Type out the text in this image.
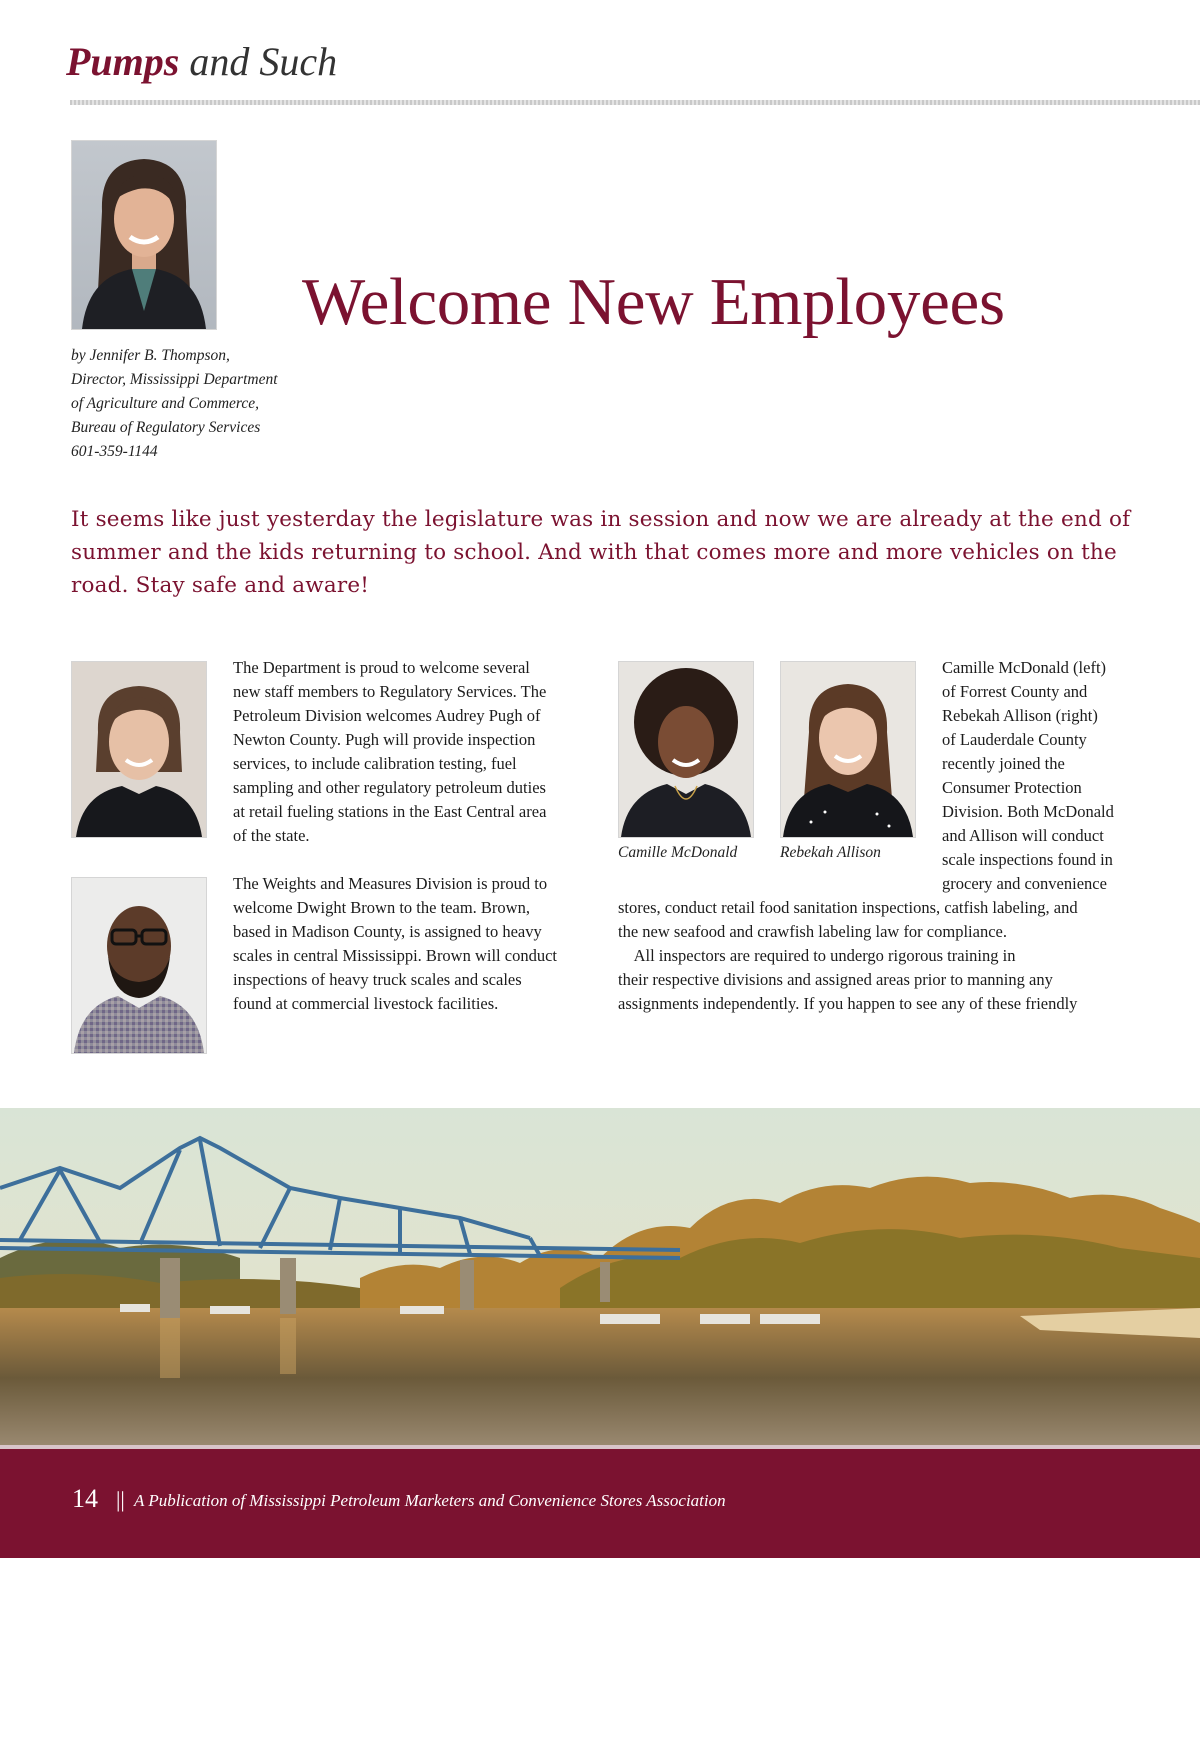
Pumps and Such
by Jennifer B. Thompson,
Director, Mississippi Department
of Agriculture and Commerce,
Bureau of Regulatory Services
601-359-1144
Welcome New Employees
It seems like just yesterday the legislature was in session and now we are already at the end of summer and the kids returning to school. And with that comes more and more vehicles on the road. Stay safe and aware!
The Department is proud to welcome several
new staff members to Regulatory Services. The
Petroleum Division welcomes Audrey Pugh of
Newton County. Pugh will provide inspection
services, to include calibration testing, fuel
sampling and other regulatory petroleum duties
at retail fueling stations in the East Central area
of the state.
The Weights and Measures Division is proud to
welcome Dwight Brown to the team. Brown,
based in Madison County, is assigned to heavy
scales in central Mississippi. Brown will conduct
inspections of heavy truck scales and scales
found at commercial livestock facilities.
Camille McDonald	Rebekah Allison
Camille McDonald (left)
of Forrest County and
Rebekah Allison (right)
of Lauderdale County
recently joined the
Consumer Protection
Division. Both McDonald
and Allison will conduct
scale inspections found in
grocery and convenience
stores, conduct retail food sanitation inspections, catfish labeling, and
the new seafood and crawfish labeling law for compliance.
All inspectors are required to undergo rigorous training in
their respective divisions and assigned areas prior to manning any
assignments independently. If you happen to see any of these friendly
14 || A Publication of Mississippi Petroleum Marketers and Convenience Stores Association
